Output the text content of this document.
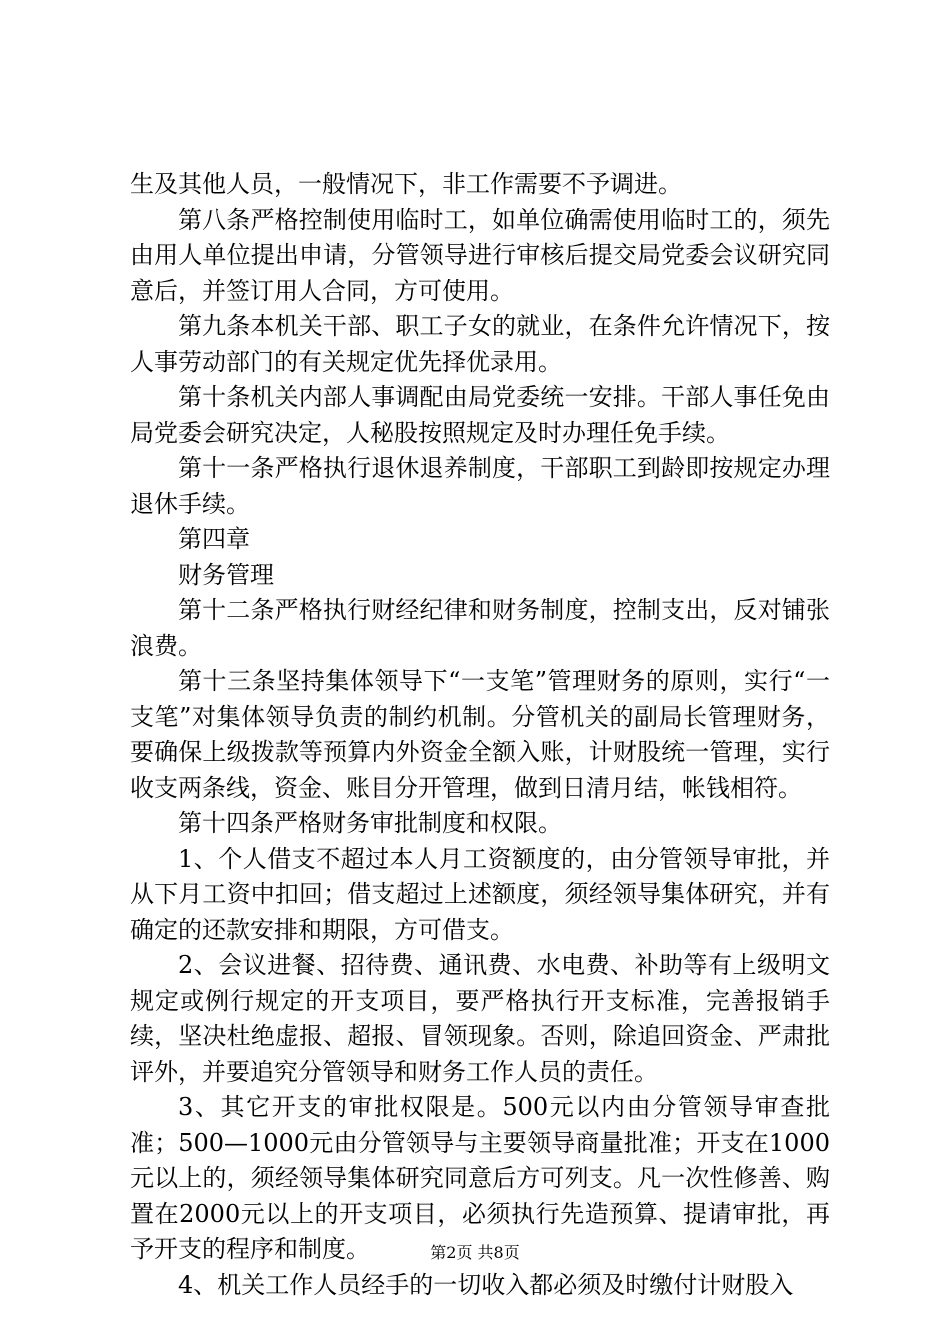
生及其他人员，一般情况下，非工作需要不予调进。

第八条严格控制使用临时工，如单位确需使用临时工的，须先由用人单位提出申请，分管领导进行审核后提交局党委会议研究同意后，并签订用人合同，方可使用。

第九条本机关干部、职工子女的就业，在条件允许情况下，按人事劳动部门的有关规定优先择优录用。

第十条机关内部人事调配由局党委统一安排。干部人事任免由局党委会研究决定，人秘股按照规定及时办理任免手续。

第十一条严格执行退休退养制度，干部职工到龄即按规定办理退休手续。

第四章

财务管理

第十二条严格执行财经纪律和财务制度，控制支出，反对铺张浪费。

第十三条坚持集体领导下“一支笔”管理财务的原则，实行“一支笔”对集体领导负责的制约机制。分管机关的副局长管理财务，要确保上级拨款等预算内外资金全额入账，计财股统一管理，实行收支两条线，资金、账目分开管理，做到日清月结，帐钱相符。

第十四条严格财务审批制度和权限。

1、个人借支不超过本人月工资额度的，由分管领导审批，并从下月工资中扣回；借支超过上述额度，须经领导集体研究，并有确定的还款安排和期限，方可借支。

2、会议进餐、招待费、通讯费、水电费、补助等有上级明文规定或例行规定的开支项目，要严格执行开支标准，完善报销手续，坚决杜绝虚报、超报、冒领现象。否则，除追回资金、严肃批评外，并要追究分管领导和财务工作人员的责任。

3、其它开支的审批权限是。500元以内由分管领导审查批准；500—1000元由分管领导与主要领导商量批准；开支在1000元以上的，须经领导集体研究同意后方可列支。凡一次性修善、购置在2000元以上的开支项目，必须执行先造预算、提请审批，再予开支的程序和制度。

4、机关工作人员经手的一切收入都必须及时缴付计财股入

第2页 共8页
